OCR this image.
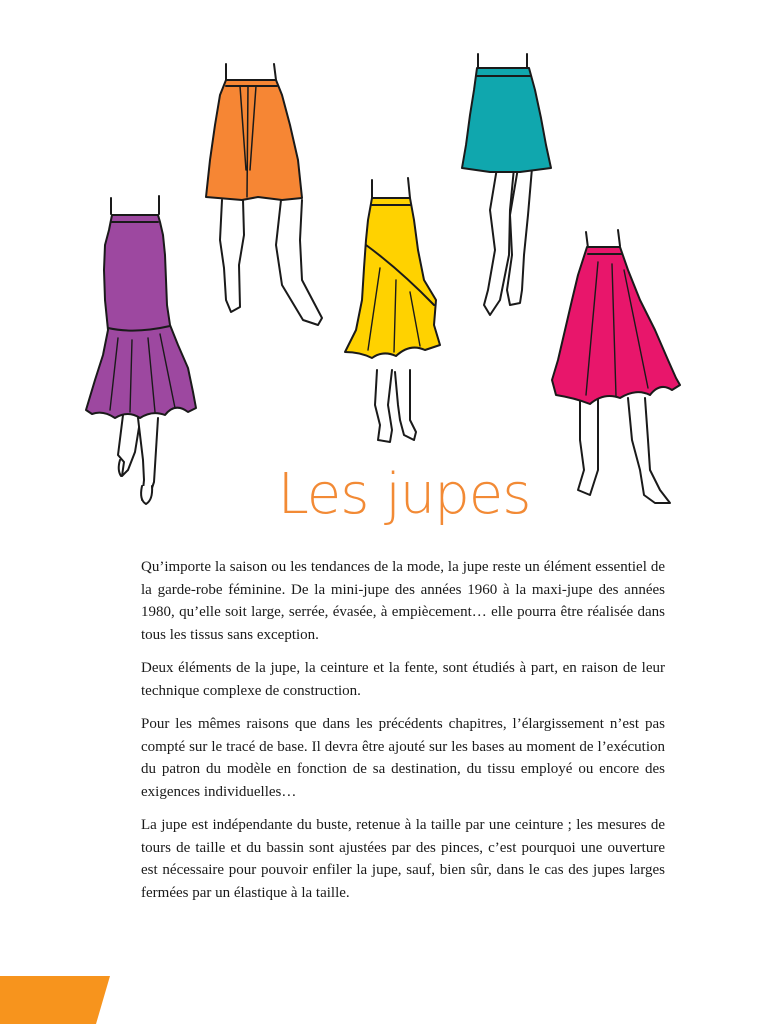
Les jupes

Qu’importe la saison ou les tendances de la mode, la jupe reste un élément essentiel de la garde-robe féminine. De la mini-jupe des années 1960 à la maxi-jupe des années 1980, qu’elle soit large, serrée, évasée, à empiècement… elle pourra être réalisée dans tous les tissus sans exception.

Deux éléments de la jupe, la ceinture et la fente, sont étudiés à part, en raison de leur technique complexe de construction.

Pour les mêmes raisons que dans les précédents chapitres, l’élargissement n’est pas compté sur le tracé de base. Il devra être ajouté sur les bases au moment de l’exécution du patron du modèle en fonction de sa destination, du tissu employé ou encore des exigences individuelles…

La jupe est indépendante du buste, retenue à la taille par une ceinture ; les mesures de tours de taille et du bassin sont ajustées par des pinces, c’est pourquoi une ouverture est nécessaire pour pouvoir enfiler la jupe, sauf, bien sûr, dans le cas des jupes larges fermées par un élastique à la taille.
